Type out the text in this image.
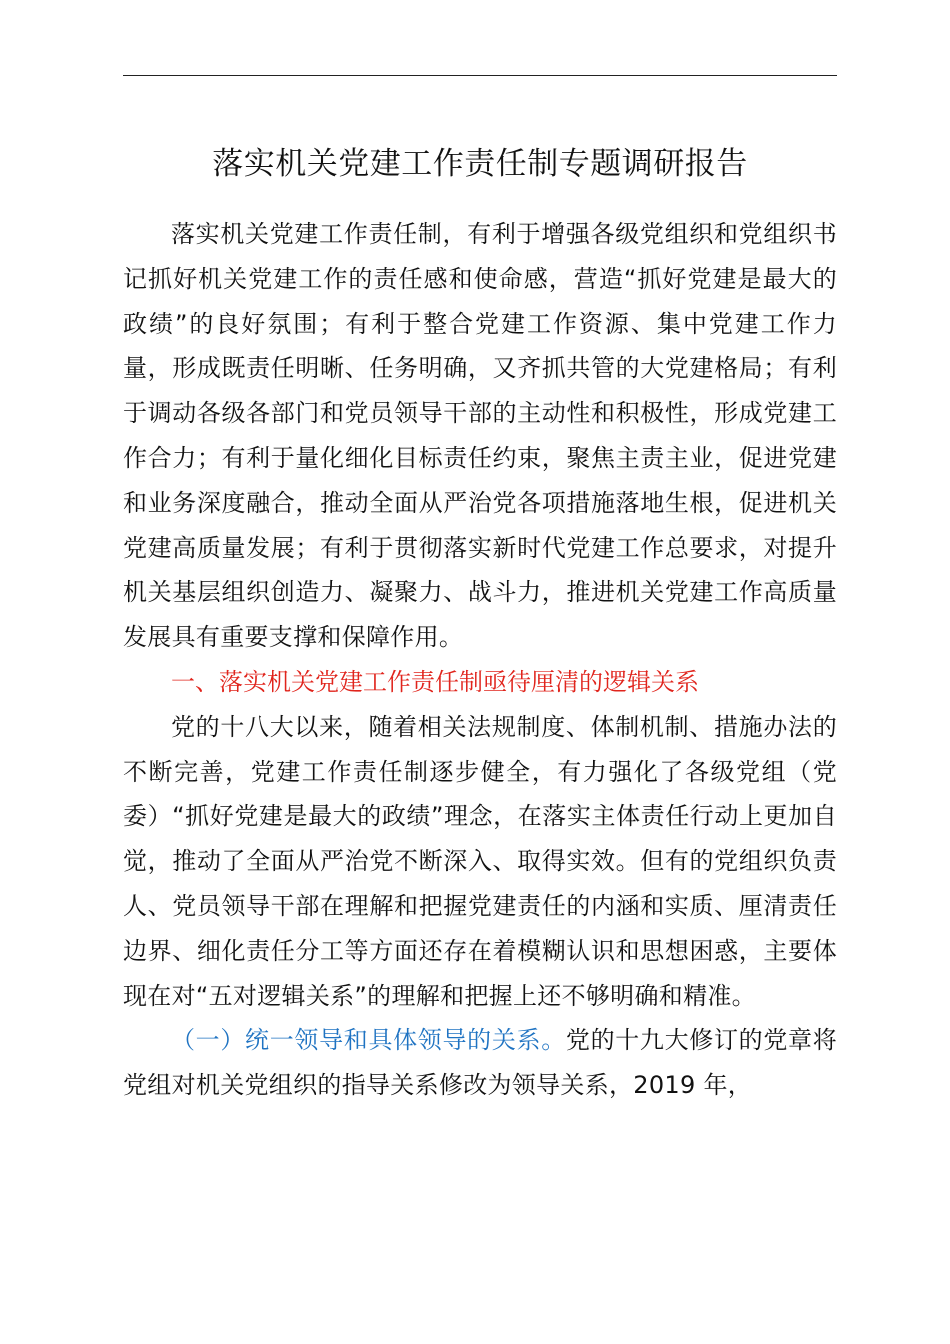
落实机关党建工作责任制专题调研报告

落实机关党建工作责任制，有利于增强各级党组织和党组织书记抓好机关党建工作的责任感和使命感，营造“抓好党建是最大的政绩”的良好氛围；有利于整合党建工作资源、集中党建工作力量，形成既责任明晰、任务明确，又齐抓共管的大党建格局；有利于调动各级各部门和党员领导干部的主动性和积极性，形成党建工作合力；有利于量化细化目标责任约束，聚焦主责主业，促进党建和业务深度融合，推动全面从严治党各项措施落地生根，促进机关党建高质量发展；有利于贯彻落实新时代党建工作总要求，对提升机关基层组织创造力、凝聚力、战斗力，推进机关党建工作高质量发展具有重要支撑和保障作用。

一、落实机关党建工作责任制亟待厘清的逻辑关系

党的十八大以来，随着相关法规制度、体制机制、措施办法的不断完善，党建工作责任制逐步健全，有力强化了各级党组（党委）“抓好党建是最大的政绩”理念，在落实主体责任行动上更加自觉，推动了全面从严治党不断深入、取得实效。但有的党组织负责人、党员领导干部在理解和把握党建责任的内涵和实质、厘清责任边界、细化责任分工等方面还存在着模糊认识和思想困惑，主要体现在对“五对逻辑关系”的理解和把握上还不够明确和精准。

（一）统一领导和具体领导的关系。党的十九大修订的党章将党组对机关党组织的指导关系修改为领导关系，2019 年，
